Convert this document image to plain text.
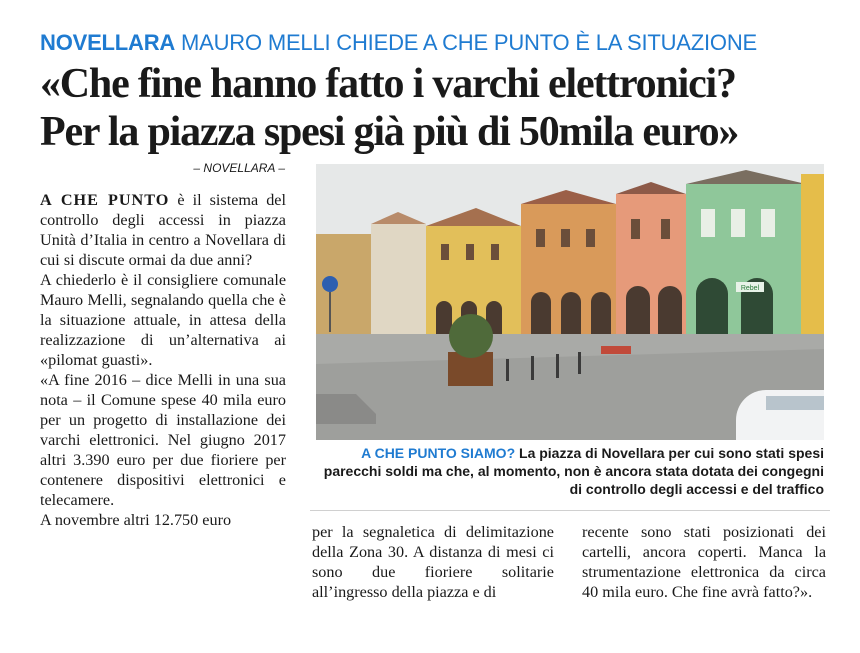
NOVELLARA MAURO MELLI CHIEDE A CHE PUNTO È LA SITUAZIONE
«Che fine hanno fatto i varchi elettronici?
Per la piazza spesi già più di 50mila euro»
– NOVELLARA –

A CHE PUNTO è il sistema del controllo degli accessi in piazza Unità d’Italia in centro a Novellara di cui si discute ormai da due anni?

A chiederlo è il consigliere comunale Mauro Melli, segnalando quella che è la situazione attuale, in attesa della realizzazione di un’alternativa ai «pilomat guasti».

«A fine 2016 – dice Melli in una sua nota – il Comune spese 40 mila euro per un progetto di installazione dei varchi elettronici. Nel giugno 2017 altri 3.390 euro per due fioriere per contenere dispositivi elettronici e telecamere.

A novembre altri 12.750 euro

Rebel
A CHE PUNTO SIAMO? La piazza di Novellara per cui sono stati spesi parecchi soldi ma che, al momento, non è ancora stata dotata dei congegni di controllo degli accessi e del traffico

per la segnaletica di delimitazione della Zona 30. A distanza di mesi ci sono due fioriere solitarie all’ingresso della piazza e di

recente sono stati posizionati dei cartelli, ancora coperti. Manca la strumentazione elettronica da circa 40 mila euro. Che fine avrà fatto?».
